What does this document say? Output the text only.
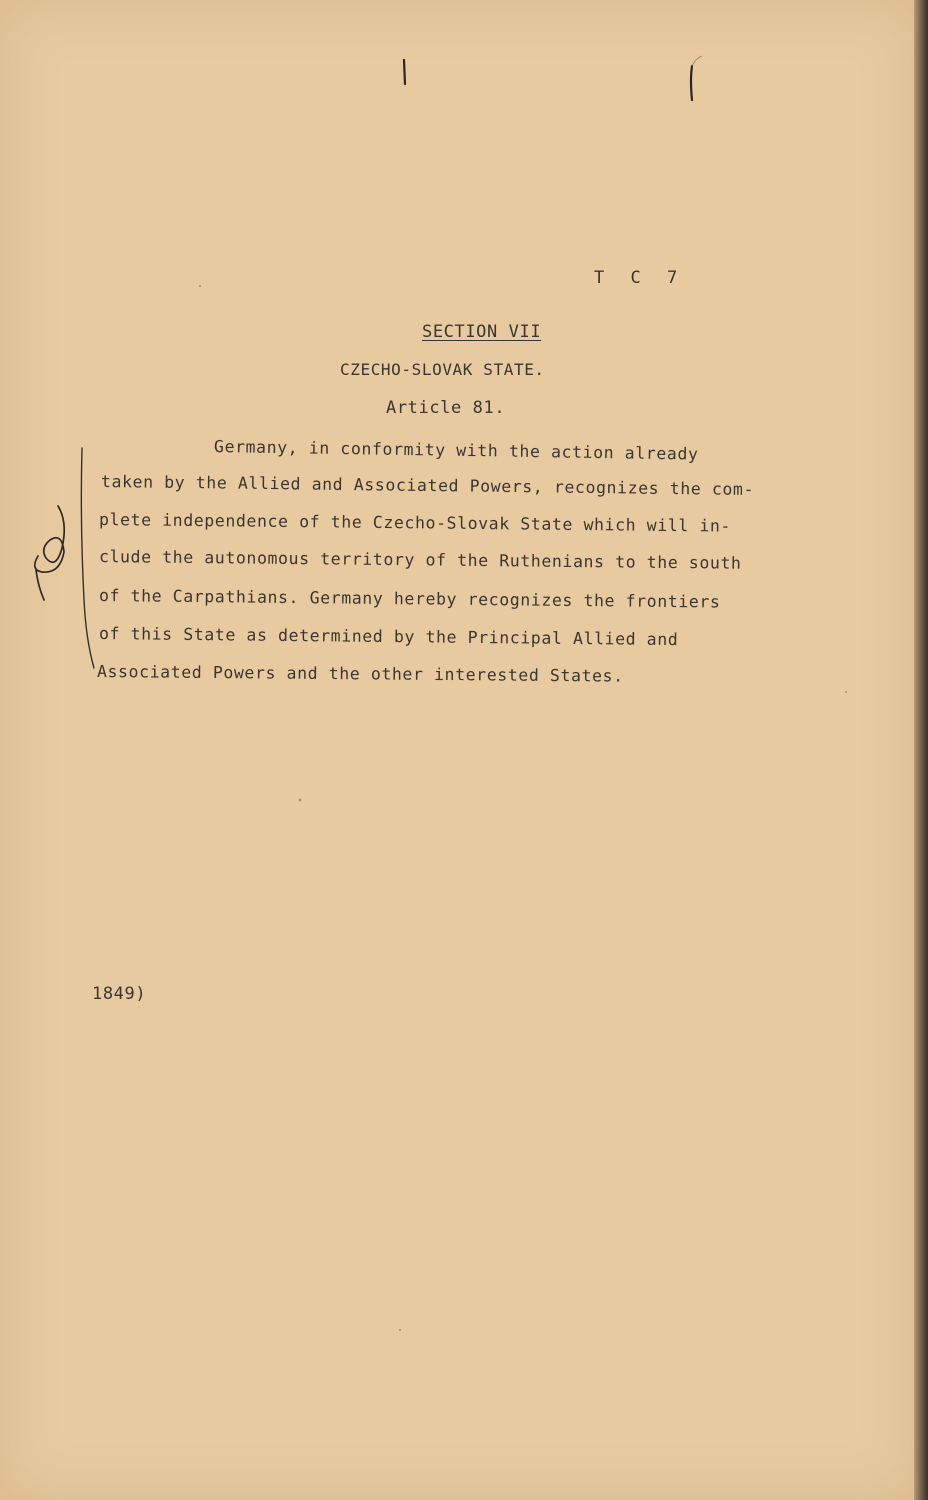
T C 7
SECTION VII
CZECHO-SLOVAK STATE.
Article 81.
Germany, in conformity with the action already
taken by the Allied and Associated Powers, recognizes the com-
plete independence of the Czecho-Slovak State which will in-
clude the autonomous territory of the Ruthenians to the south
of the Carpathians. Germany hereby recognizes the frontiers
of this State as determined by the Principal Allied and
Associated Powers and the other interested States.
1849)
